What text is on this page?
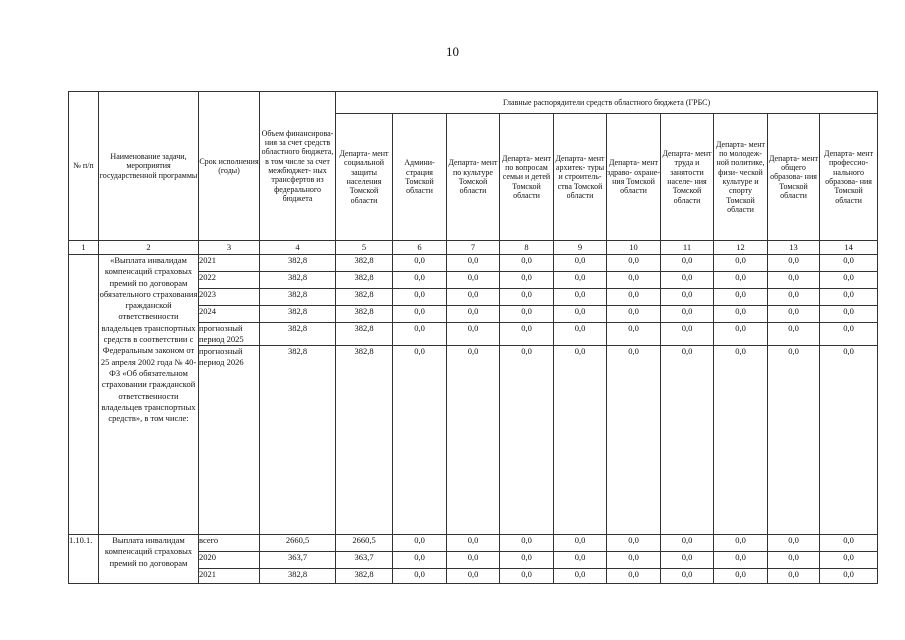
10
№ п/п	Наименование задачи, мероприятия государственной программы	Срок исполнения (годы)	Объем финансирова- ния за счет средств областного бюджета, в том числе за счет межбюджет- ных трансфертов из федерального бюджета	Главные распорядители средств областного бюджета (ГРБС)									
				Департа- мент социальной защиты населения Томской области	Админи- страция Томской области	Департа- мент по культуре Томской области	Департа- мент по вопросам семьи и детей Томской области	Департа- мент архитек- туры и строитель- ства Томской области	Департа- мент здраво- охране- ния Томской области	Департа- мент труда и занятости населе- ния Томской области	Департа- мент по молодеж- ной политике, физи- ческой культуре и спорту Томской области	Департа- мент общего образова- ния Томской области	Департа- мент профессио- нального образова- ния Томской области
1	2	3	4	5	6	7	8	9	10	11	12	13	14
	«Выплата инвалидам компенсаций страховых премий по договорам обязательного страхования гражданской ответственности владельцев транспортных средств в соответствии с Федеральным законом от 25 апреля 2002 года № 40-ФЗ «Об обязательном страховании гражданской ответственности владельцев транспортных средств», в том числе:	2021	382,8	382,8	0,0	0,0	0,0	0,0	0,0	0,0	0,0	0,0	0,0
		2022	382,8	382,8	0,0	0,0	0,0	0,0	0,0	0,0	0,0	0,0	0,0
		2023	382,8	382,8	0,0	0,0	0,0	0,0	0,0	0,0	0,0	0,0	0,0
		2024	382,8	382,8	0,0	0,0	0,0	0,0	0,0	0,0	0,0	0,0	0,0
		прогнозный период 2025	382,8	382,8	0,0	0,0	0,0	0,0	0,0	0,0	0,0	0,0	0,0
		прогнозный период 2026	382,8	382,8	0,0	0,0	0,0	0,0	0,0	0,0	0,0	0,0	0,0
1.10.1.	Выплата инвалидам компенсаций страховых премий по договорам	всего	2660,5	2660,5	0,0	0,0	0,0	0,0	0,0	0,0	0,0	0,0	0,0
		2020	363,7	363,7	0,0	0,0	0,0	0,0	0,0	0,0	0,0	0,0	0,0
		2021	382,8	382,8	0,0	0,0	0,0	0,0	0,0	0,0	0,0	0,0	0,0
